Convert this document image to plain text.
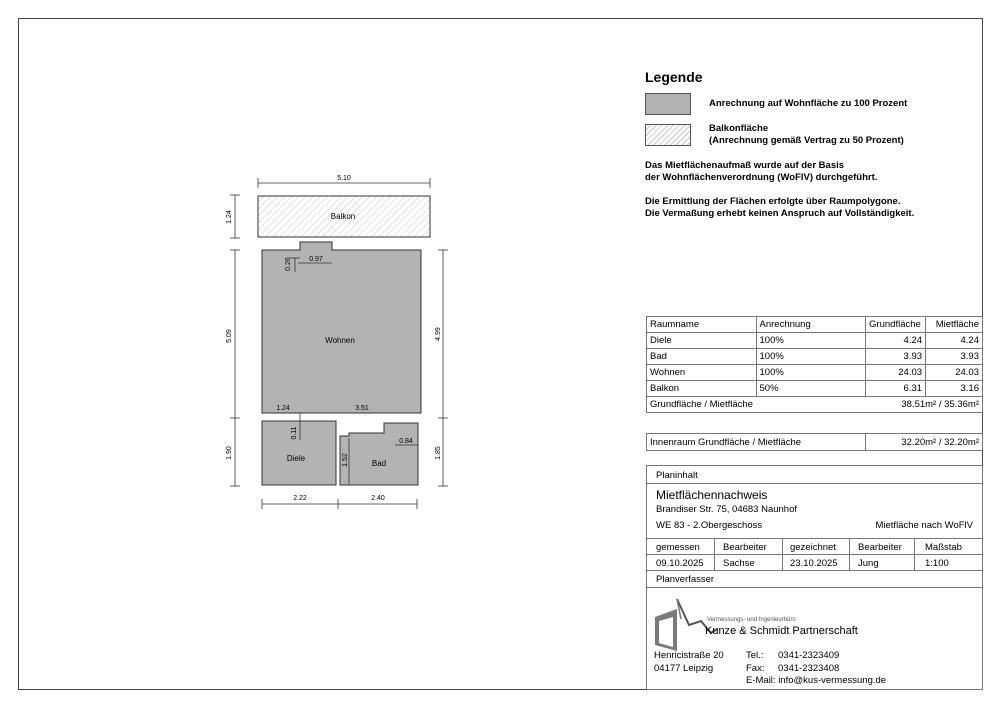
Balkon
Wohnen
Diele
Bad
5.10
1.24
5.09
1.90
4.99
1.85
0.26 0.97
1.24	3.51
0.11
0.84
1.52
2.22	2.40
Legende
Anrechnung auf Wohnfläche zu 100 Prozent
Balkonfläche
(Anrechnung gemäß Vertrag zu 50 Prozent)
Das Mietflächenaufmaß wurde auf der Basis
der Wohnflächenverordnung (WoFlV) durchgeführt.
Die Ermittlung der Flächen erfolgte über Raumpolygone.
Die Vermaßung erhebt keinen Anspruch auf Vollständigkeit.
Raumname	Anrechnung	Grundfläche	Mietfläche
Diele	100%	4.24	4.24
Bad	100%	3.93	3.93
Wohnen	100%	24.03	24.03
Balkon	50%	6.31	3.16
Grundfläche / Mietfläche		38.51m² / 35.36m²	
Innenraum Grundfläche / Mietfläche	32.20m² / 32.20m²
Planinhalt
Mietflächennachweis
Brandiser Str. 75, 04683 Naunhof
WE 83 - 2.Obergeschoss	Mietfläche nach WoFlV
gemessen Bearbeiter gezeichnet Bearbeiter Maßstab
09.10.2025 Sachse	23.10.2025 Jung	1:100
Planverfasser
Vermessungs- und Ingenieurbüro
Kunze & Schmidt Partnerschaft
Henricistraße 20
04177 Leipzig
Tel.: 0341-2323409
Fax: 0341-2323408
E-Mail: info@kus-vermessung.de
